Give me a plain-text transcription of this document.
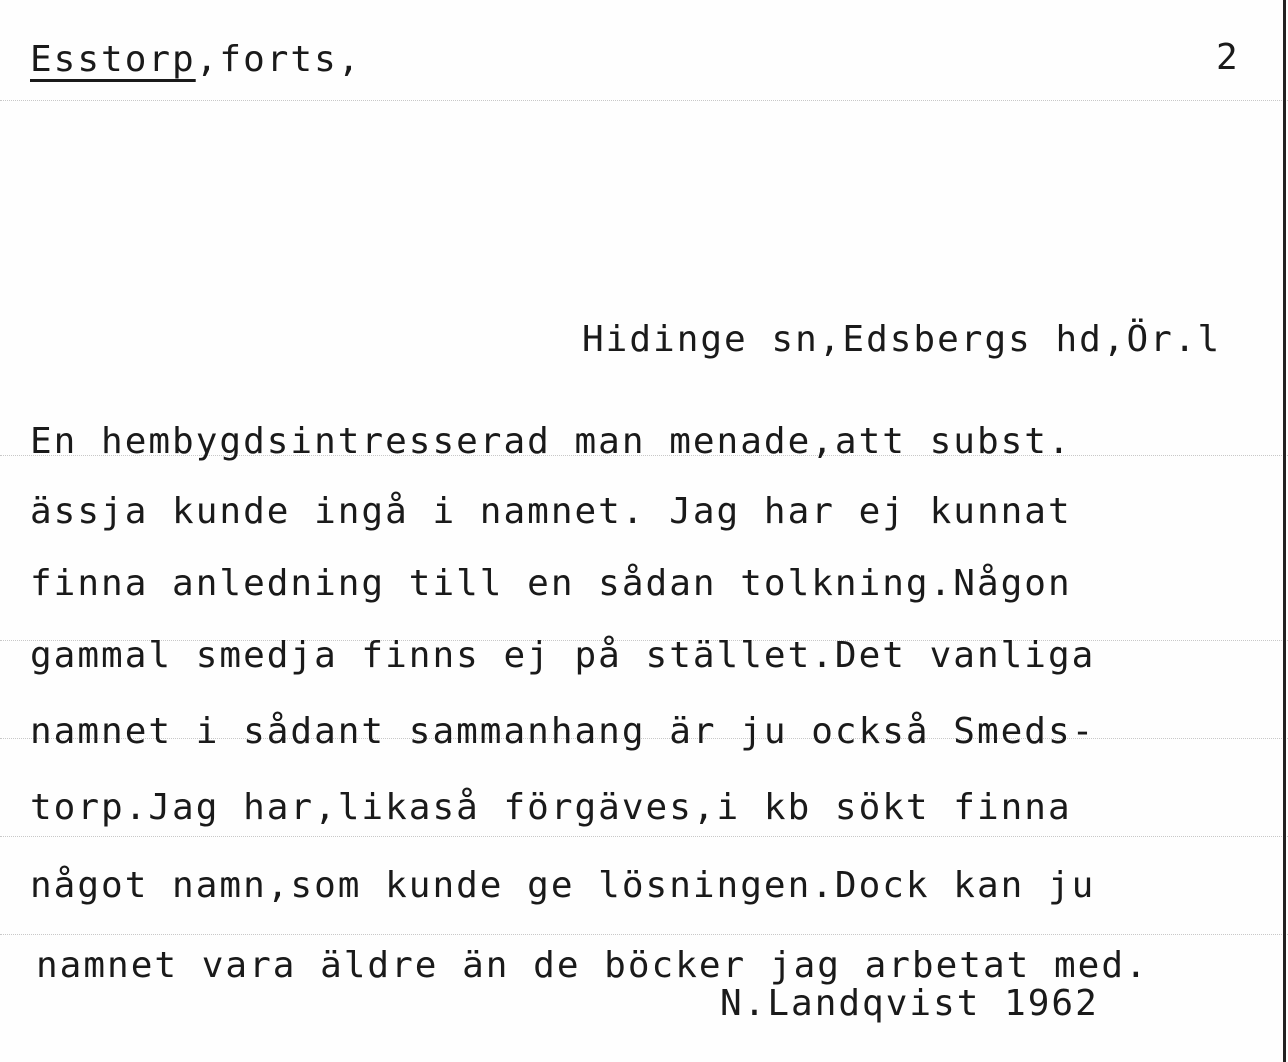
Esstorp,forts,	2
Hidinge sn,Edsbergs hd,Ör.l
En hembygdsintresserad man menade,att subst.
ässja kunde ingå i namnet. Jag har ej kunnat
finna anledning till en sådan tolkning.Någon
gammal smedja finns ej på stället.Det vanliga
namnet i sådant sammanhang är ju också Smeds-
torp.Jag har,likaså förgäves,i kb sökt finna
något namn,som kunde ge lösningen.Dock kan ju
namnet vara äldre än de böcker jag arbetat med.
N.Landqvist 1962
